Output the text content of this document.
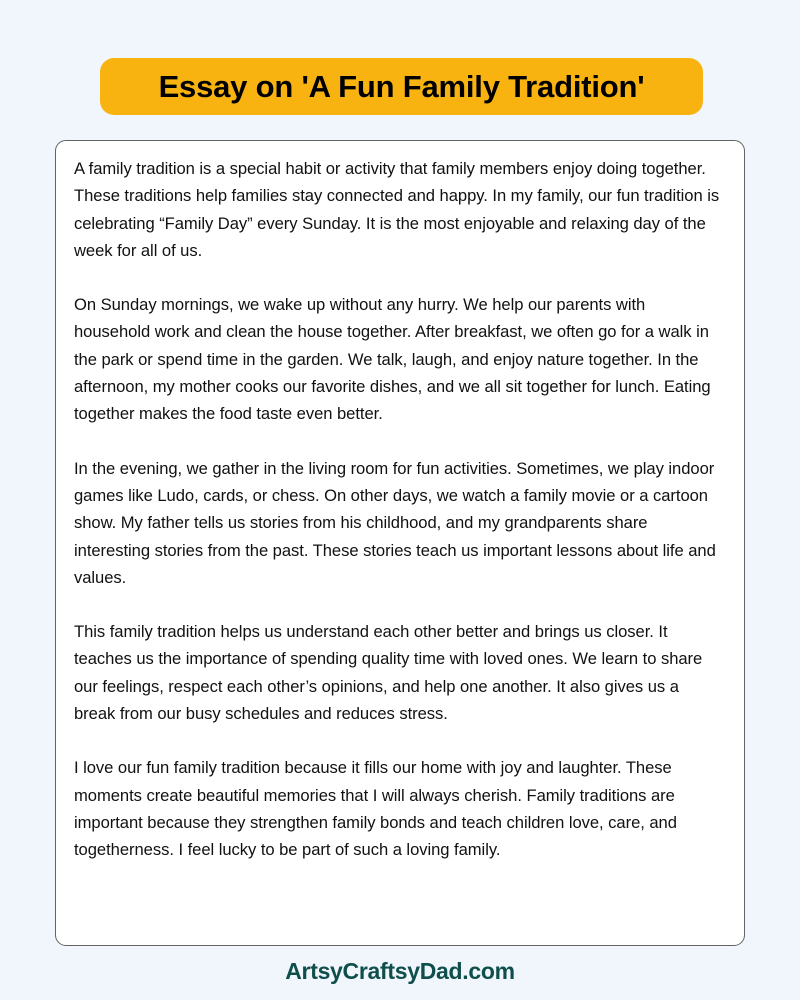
Essay on 'A Fun Family Tradition'

A family tradition is a special habit or activity that family members enjoy doing together. These traditions help families stay connected and happy. In my family, our fun tradition is celebrating “Family Day” every Sunday. It is the most enjoyable and relaxing day of the week for all of us.

On Sunday mornings, we wake up without any hurry. We help our parents with household work and clean the house together. After breakfast, we often go for a walk in the park or spend time in the garden. We talk, laugh, and enjoy nature together. In the afternoon, my mother cooks our favorite dishes, and we all sit together for lunch. Eating together makes the food taste even better.

In the evening, we gather in the living room for fun activities. Sometimes, we play indoor games like Ludo, cards, or chess. On other days, we watch a family movie or a cartoon show. My father tells us stories from his childhood, and my grandparents share interesting stories from the past. These stories teach us important lessons about life and values.

This family tradition helps us understand each other better and brings us closer. It teaches us the importance of spending quality time with loved ones. We learn to share our feelings, respect each other’s opinions, and help one another. It also gives us a break from our busy schedules and reduces stress.

I love our fun family tradition because it fills our home with joy and laughter. These moments create beautiful memories that I will always cherish. Family traditions are important because they strengthen family bonds and teach children love, care, and togetherness. I feel lucky to be part of such a loving family.

ArtsyCraftsyDad.com
